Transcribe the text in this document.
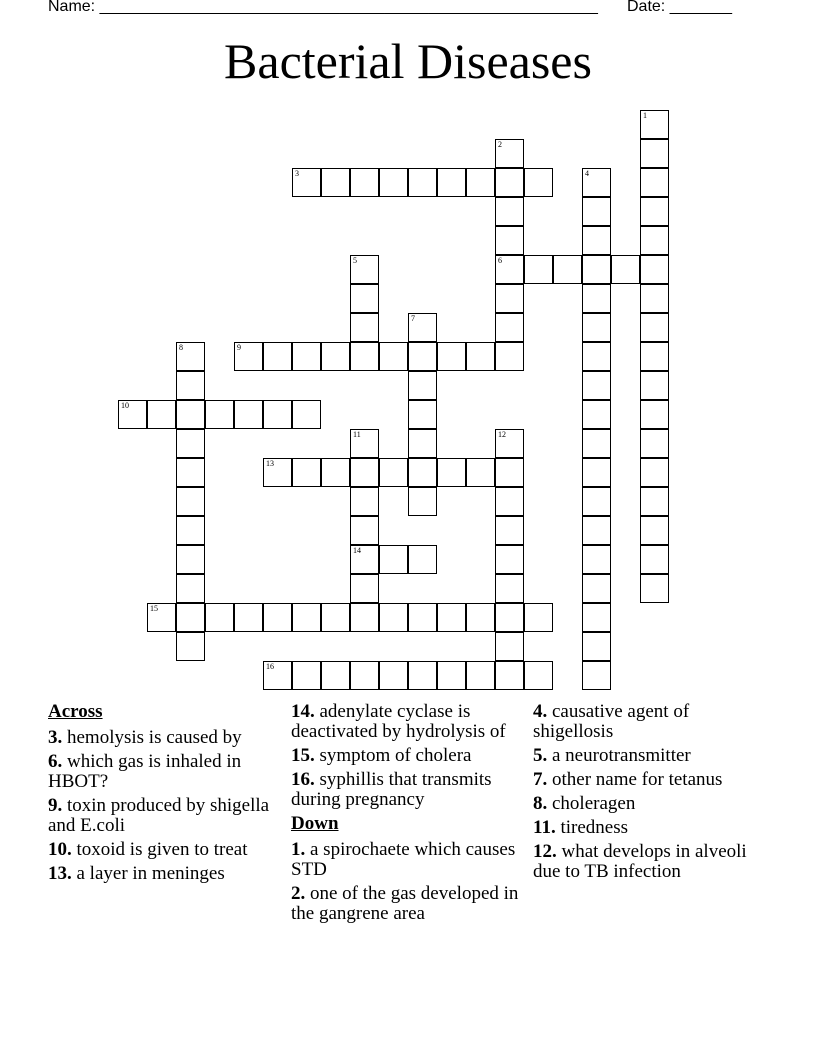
Name: ________________________________________________________ Date: _______
Bacterial Diseases
1
2
6
3	4
5
7
8	9
10
11
14
12
13
15
16
Across
3. hemolysis is caused by
6. which gas is inhaled in HBOT?
9. toxin produced by shigella and E.coli
10. toxoid is given to treat
13. a layer in meninges
14. adenylate cyclase is deactivated by hydrolysis of
15. symptom of cholera
16. syphillis that transmits during pregnancy
Down
1. a spirochaete which causes STD
2. one of the gas developed in the gangrene area
4. causative agent of shigellosis
5. a neurotransmitter
7. other name for tetanus
8. choleragen
11. tiredness
12. what develops in alveoli due to TB infection
